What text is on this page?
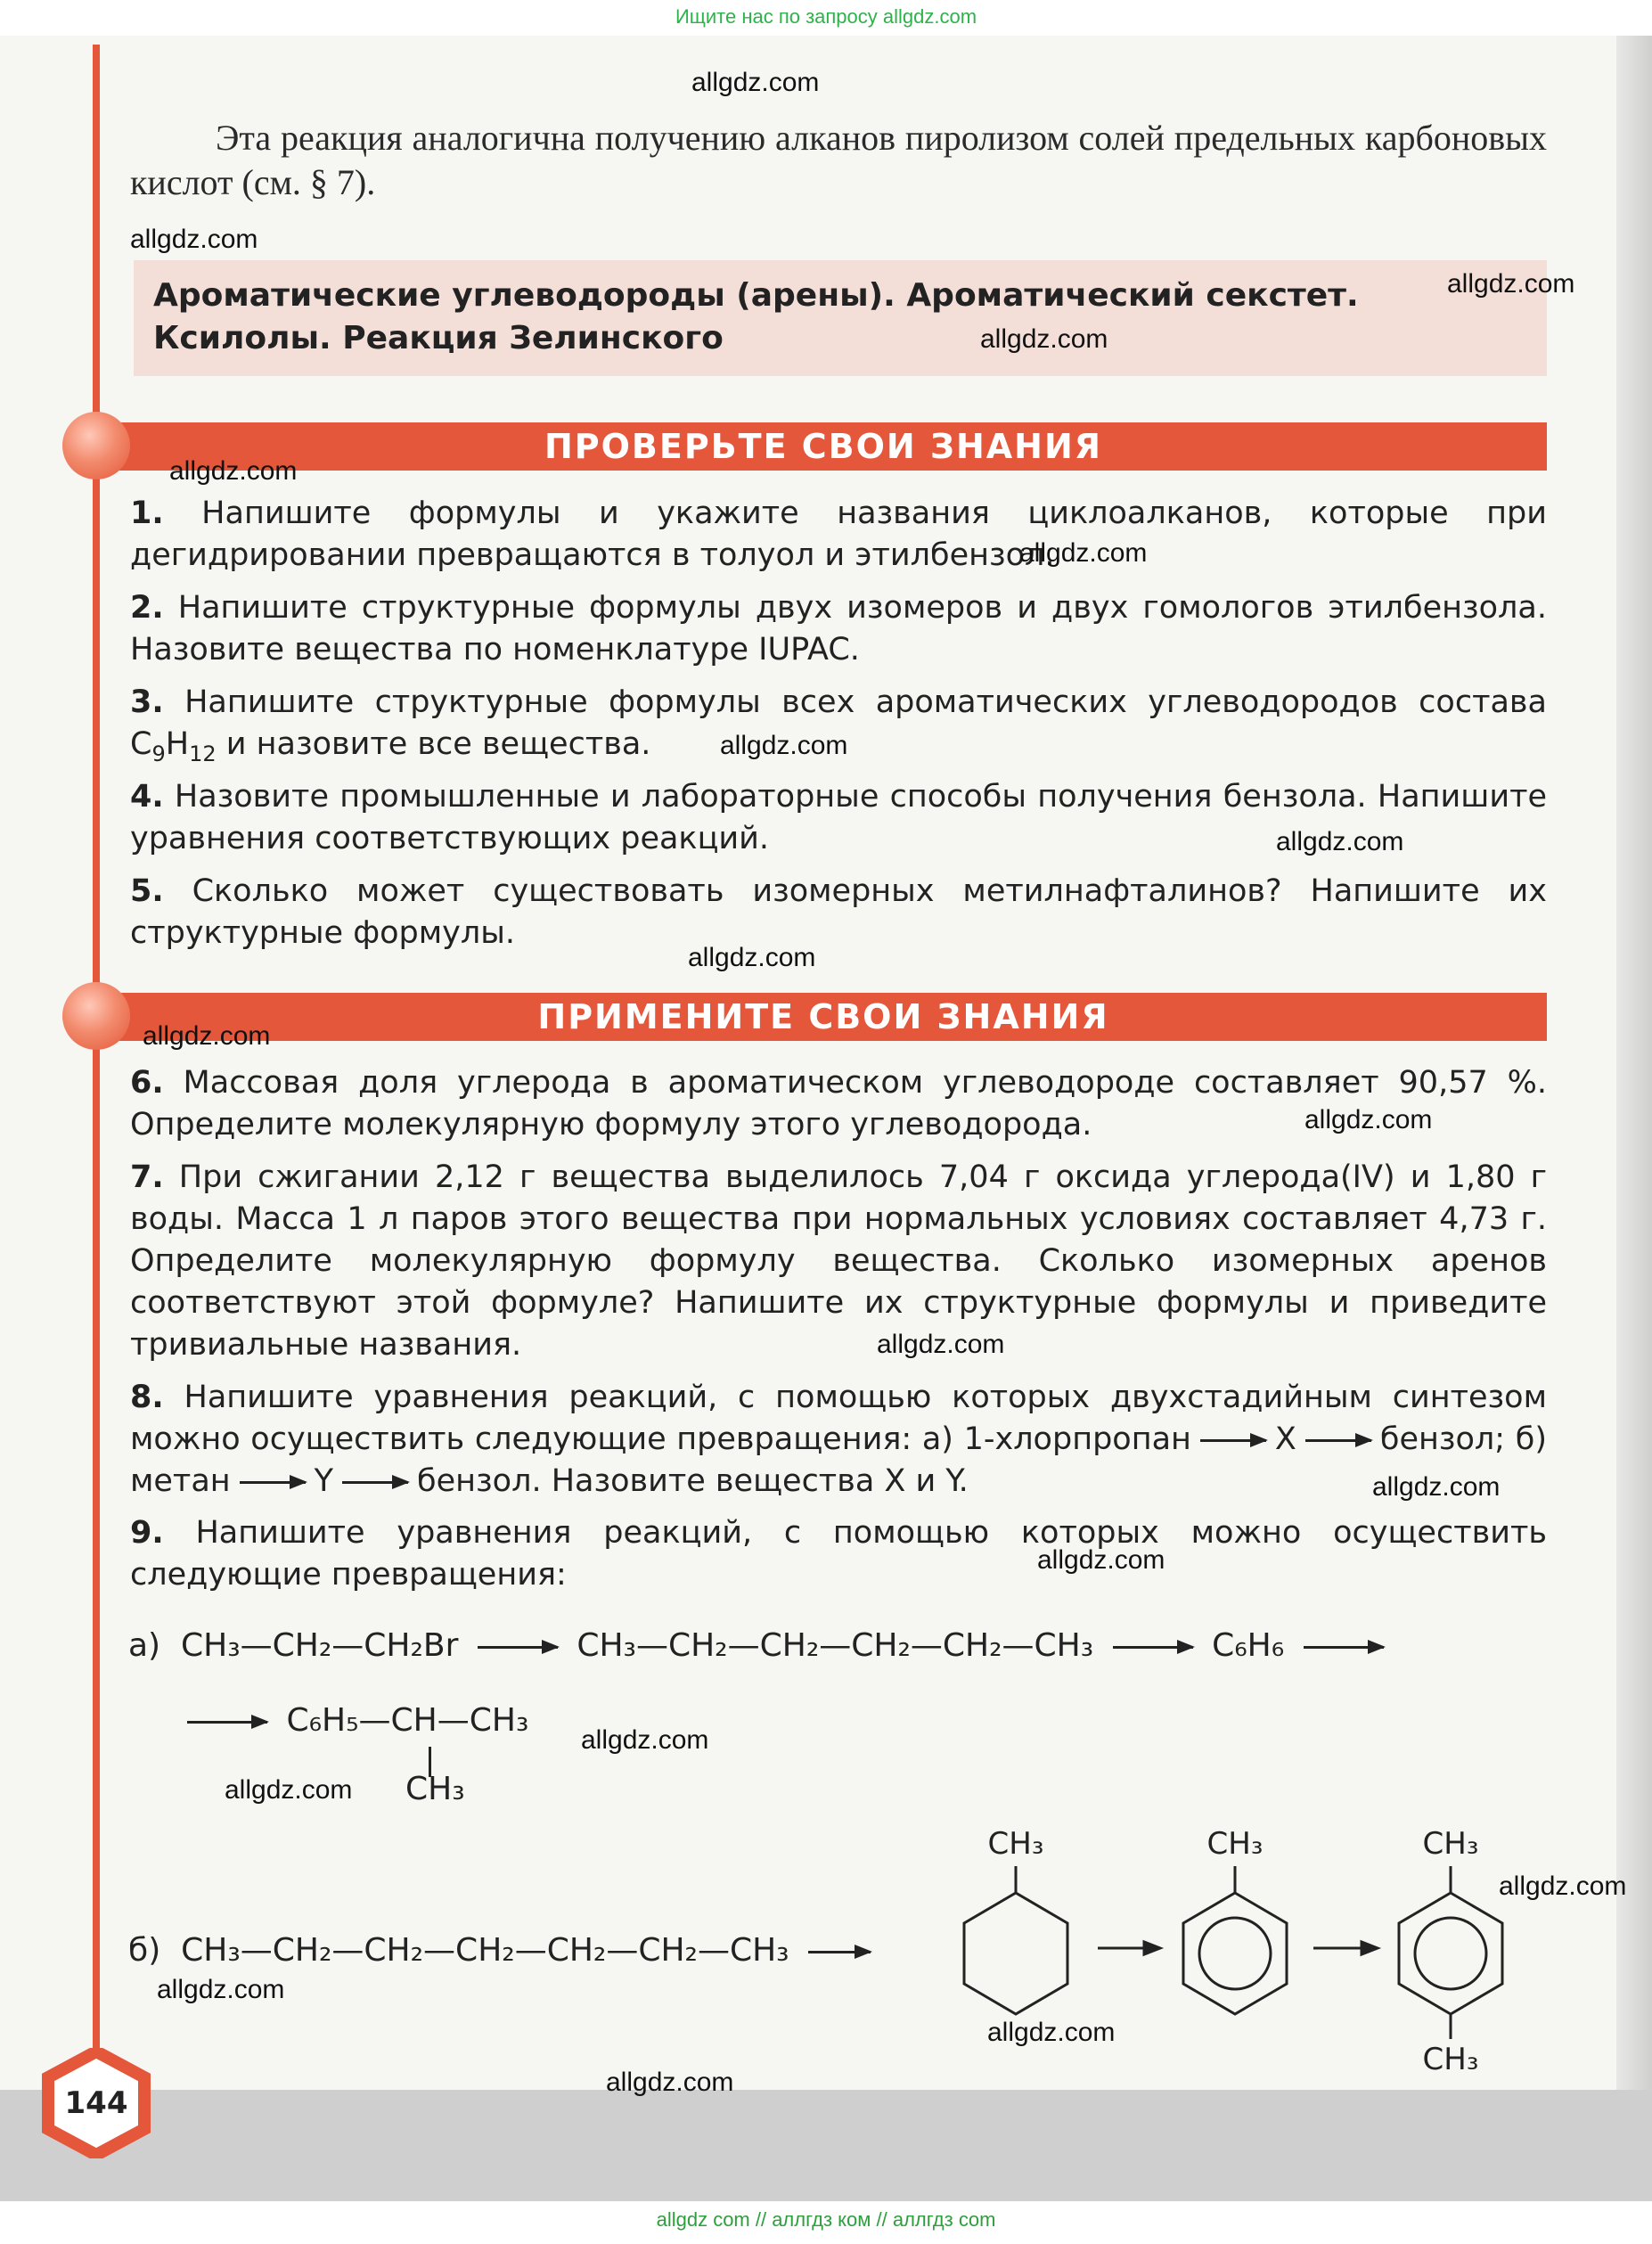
Ищите нас по запросу allgdz.com
Эта реакция аналогична получению алканов пиролизом солей предельных карбоновых кислот (см. § 7).
Ароматические углеводороды (арены). Ароматический секстет. Ксилолы. Реакция Зелинского
ПРОВЕРЬТЕ СВОИ ЗНАНИЯ
1. Напишите формулы и укажите названия циклоалканов, которые при дегидрировании превращаются в толуол и этилбензол.
2. Напишите структурные формулы двух изомеров и двух гомологов этилбензола. Назовите вещества по номенклатуре IUPAC.
3. Напишите структурные формулы всех ароматических углеводородов состава $C_9H_{12}$ и назовите все вещества.
4. Назовите промышленные и лабораторные способы получения бензола. Напишите уравнения соответствующих реакций.
5. Сколько может существовать изомерных метилнафталинов? Напишите их структурные формулы.
ПРИМЕНИТЕ СВОИ ЗНАНИЯ
6. Массовая доля углерода в ароматическом углеводороде составляет 90,57 %. Определите молекулярную формулу этого углеводорода.
7. При сжигании 2,12 г вещества выделилось 7,04 г оксида углерода(IV) и 1,80 г воды. Масса 1 л паров этого вещества при нормальных условиях составляет 4,73 г. Определите молекулярную формулу вещества. Сколько изомерных аренов соответствуют этой формуле? Напишите их структурные формулы и приведите тривиальные названия.
8. Напишите уравнения реакций, с помощью которых двухстадийным синтезом можно осуществить следующие превращения: а) 1-хлорпропан	X	бензол; б) метан	Y	бензол. Назовите вещества X и Y.
9. Напишите уравнения реакций, с помощью которых можно осуществить следующие превращения:
а) CH₃—CH₂—CH₂Br	CH₃—CH₂—CH₂—CH₂—CH₂—CH₃	C₆H₆
C₆H₅—CH—CH₃
CH₃
б) CH₃—CH₂—CH₂—CH₂—CH₂—CH₂—CH₃
CH₃	CH₃	CH₃
CH₃
144
allgdz.com
allgdz.com
allgdz.com
allgdz.com
allgdz.com
allgdz.com
allgdz.com
allgdz.com
allgdz.com
allgdz.com
allgdz.com
allgdz.com
allgdz.com
allgdz.com
allgdz.com
allgdz.com
allgdz.com
allgdz.com
allgdz.com
allgdz.com
allgdz com // аллгдз ком // аллгдз com
